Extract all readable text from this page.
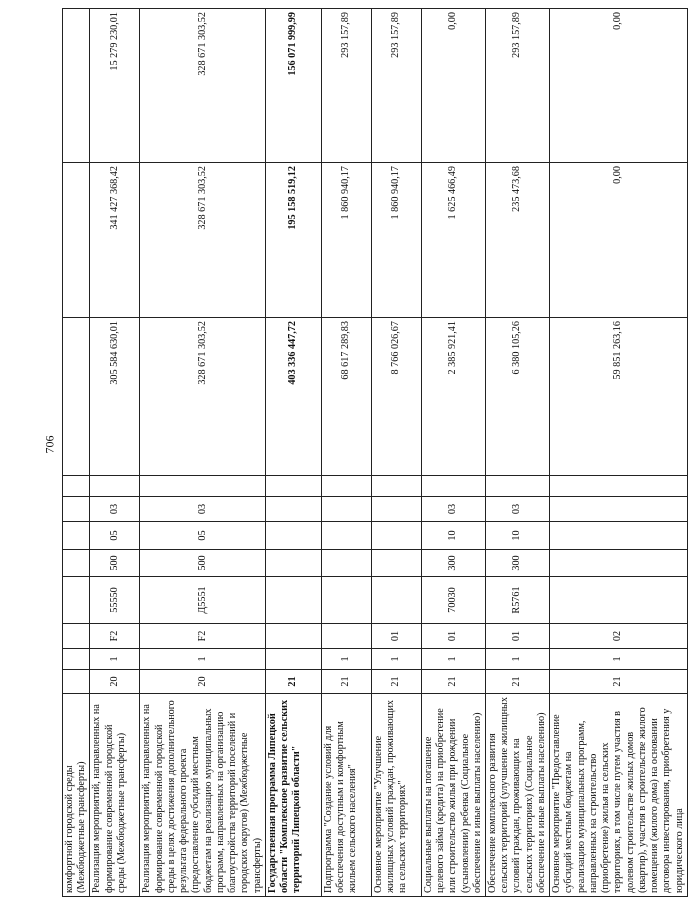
706
комфортной городской среды (Межбюджетные трансферты)											
Реализация мероприятий, направленных на формирование современной городской среды (Межбюджетные трансферты)	20	1	F2	55550	500	05	03		305 584 630,01	341 427 368,42	15 279 230,01
Реализация мероприятий, направленных на формирование современной городской среды в целях достижения дополнительного результата федерального проекта (предоставление субсидий местным бюджетам на реализацию муниципальных программ, направленных на организацию благоустройства территорий поселений и городских округов) (Межбюджетные трансферты)	20	1	F2	Д5551	500	05	03		328 671 303,52	328 671 303,52	328 671 303,52
Государственная программа Липецкой области "Комплексное развитие сельских территорий Липецкой области"	21								403 336 447,72	195 158 519,12	156 071 999,99
Подпрограмма "Создание условий для обеспечения доступным и комфортным жильем сельского населения"	21	1							68 617 289,83	1 860 940,17	293 157,89
Основное мероприятие "Улучшение жилищных условий граждан, проживающих на сельских территориях"	21	1	01						8 766 026,67	1 860 940,17	293 157,89
Социальные выплаты на погашение целевого займа (кредита) на приобретение или строительство жилья при рождении (усыновлении) ребенка (Социальное обеспечение и иные выплаты населению)	21	1	01	70030	300	10	03		2 385 921,41	1 625 466,49	0,00
Обеспечение комплексного развития сельских территорий (улучшение жилищных условий граждан, проживающих на сельских территориях) (Социальное обеспечение и иные выплаты населению)	21	1	01	R5761	300	10	03		6 380 105,26	235 473,68	293 157,89
Основное мероприятие "Предоставление субсидий местным бюджетам на реализацию муниципальных программ, направленных на строительство (приобретение) жилья на сельских территориях, в том числе путем участия в долевом строительстве жилых домов (квартир), участия в строительстве жилого помещения (жилого дома) на основании договора инвестирования, приобретения у юридического лица	21	1	02						59 851 263,16	0,00	0,00
